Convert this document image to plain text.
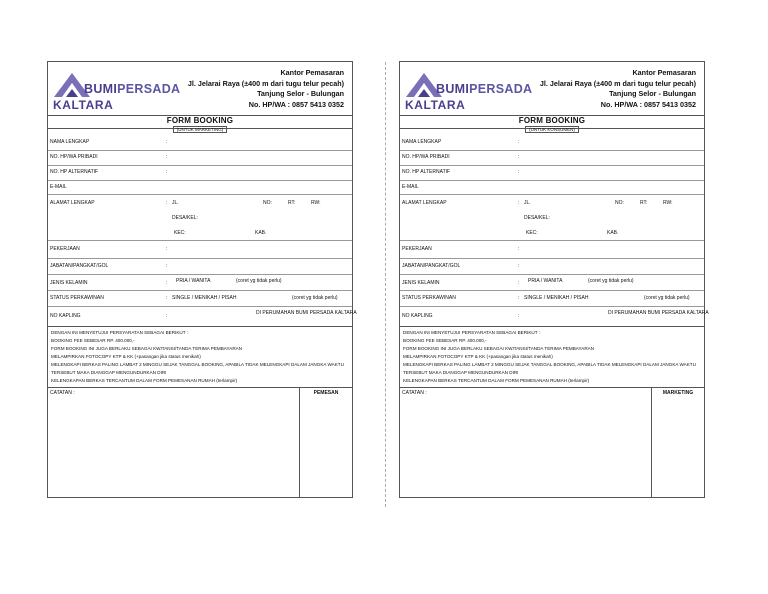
BUMIPERSADA
KALTARA
Kantor Pemasaran
Jl. Jelarai Raya (±400 m dari tugu telur pecah)
Tanjung Selor - Bulungan
No. HP/WA : 0857 5413 0352
FORM BOOKING
(UNTUK MARKETING)
NAMA LENGKAP	:
NO. HP/WA PRIBADI	:
NO. HP ALTERNATIF	:
E-MAIL
ALAMAT LENGKAP	: JL.	NO:	RT:	RW:
DESA/KEL:
KEC:	KAB.
PEKERJAAN	:
JABATAN/PANGKAT/GOL	:
JENIS KELAMIN	: PRIA / WANITA	(coret yg tidak perlu)
STATUS PERKAWINAN	: SINGLE / MENIKAH / PISAH	(coret yg tidak perlu)
NO KAPLING	:	DI PERUMAHAN BUMI PERSADA KALTARA
DENGAN INI MENYETUJUI PERSYARATAN SEBAGAI BERIKUT :
BOOKING FEE SEBESAR RP. 400.000,-
FORM BOOKING INI JUGA BERLAKU SEBAGAI KWITANSI/TANDA TERIMA PEMBAYARAN
MELAMPIRKAN FOTOCOPY KTP & KK (+pasangan jika status menikah)
MELENGKAPI BERKAS PALING LAMBAT 2 MINGGU SEJAK TANGGAL BOOKING, APABILA TIDAK MELENGKAPI DALAM JANGKA WAKTU
TERSEBUT MAKA DIANGGAP MENGUNDURKAN DIRI
KELENGKAPAN BERKAS TERCANTUM DALAM FORM PEMESANAN RUMAH (terlampir)
CATATAN :	PEMESAN
BUMIPERSADA
KALTARA
Kantor Pemasaran
Jl. Jelarai Raya (±400 m dari tugu telur pecah)
Tanjung Selor - Bulungan
No. HP/WA : 0857 5413 0352
FORM BOOKING
(UNTUK KONSUMEN)
NAMA LENGKAP	:
NO. HP/WA PRIBADI	:
NO. HP ALTERNATIF	:
E-MAIL
ALAMAT LENGKAP	: JL.	NO:	RT:	RW:
DESA/KEL:
KEC:	KAB.
PEKERJAAN	:
JABATAN/PANGKAT/GOL	:
JENIS KELAMIN	: PRIA / WANITA	(coret yg tidak perlu)
STATUS PERKAWINAN	: SINGLE / MENIKAH / PISAH	(coret yg tidak perlu)
NO KAPLING	:	DI PERUMAHAN BUMI PERSADA KALTARA
DENGAN INI MENYETUJUI PERSYARATAN SEBAGAI BERIKUT :
BOOKING FEE SEBESAR RP. 400.000,-
FORM BOOKING INI JUGA BERLAKU SEBAGAI KWITANSI/TANDA TERIMA PEMBAYARAN
MELAMPIRKAN FOTOCOPY KTP & KK (+pasangan jika status menikah)
MELENGKAPI BERKAS PALING LAMBAT 2 MINGGU SEJAK TANGGAL BOOKING, APABILA TIDAK MELENGKAPI DALAM JANGKA WAKTU
TERSEBUT MAKA DIANGGAP MENGUNDURKAN DIRI
KELENGKAPAN BERKAS TERCANTUM DALAM FORM PEMESANAN RUMAH (terlampir)
CATATAN :	MARKETING
